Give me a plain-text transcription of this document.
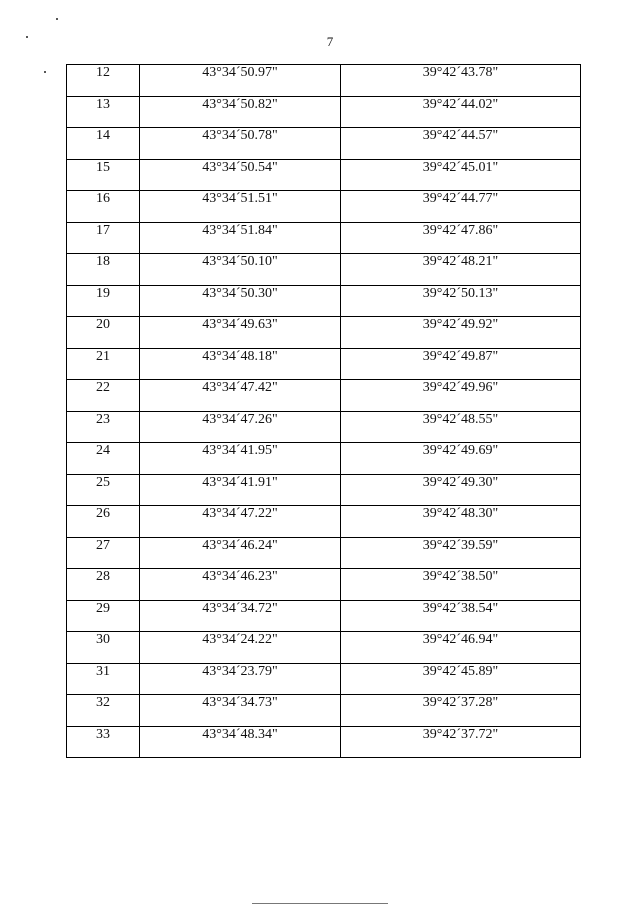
7
12	43°34´50.97"	39°42´43.78"
13	43°34´50.82"	39°42´44.02"
14	43°34´50.78"	39°42´44.57"
15	43°34´50.54"	39°42´45.01"
16	43°34´51.51"	39°42´44.77"
17	43°34´51.84"	39°42´47.86"
18	43°34´50.10"	39°42´48.21"
19	43°34´50.30"	39°42´50.13"
20	43°34´49.63"	39°42´49.92"
21	43°34´48.18"	39°42´49.87"
22	43°34´47.42"	39°42´49.96"
23	43°34´47.26"	39°42´48.55"
24	43°34´41.95"	39°42´49.69"
25	43°34´41.91"	39°42´49.30"
26	43°34´47.22"	39°42´48.30"
27	43°34´46.24"	39°42´39.59"
28	43°34´46.23"	39°42´38.50"
29	43°34´34.72"	39°42´38.54"
30	43°34´24.22"	39°42´46.94"
31	43°34´23.79"	39°42´45.89"
32	43°34´34.73"	39°42´37.28"
33	43°34´48.34"	39°42´37.72"
